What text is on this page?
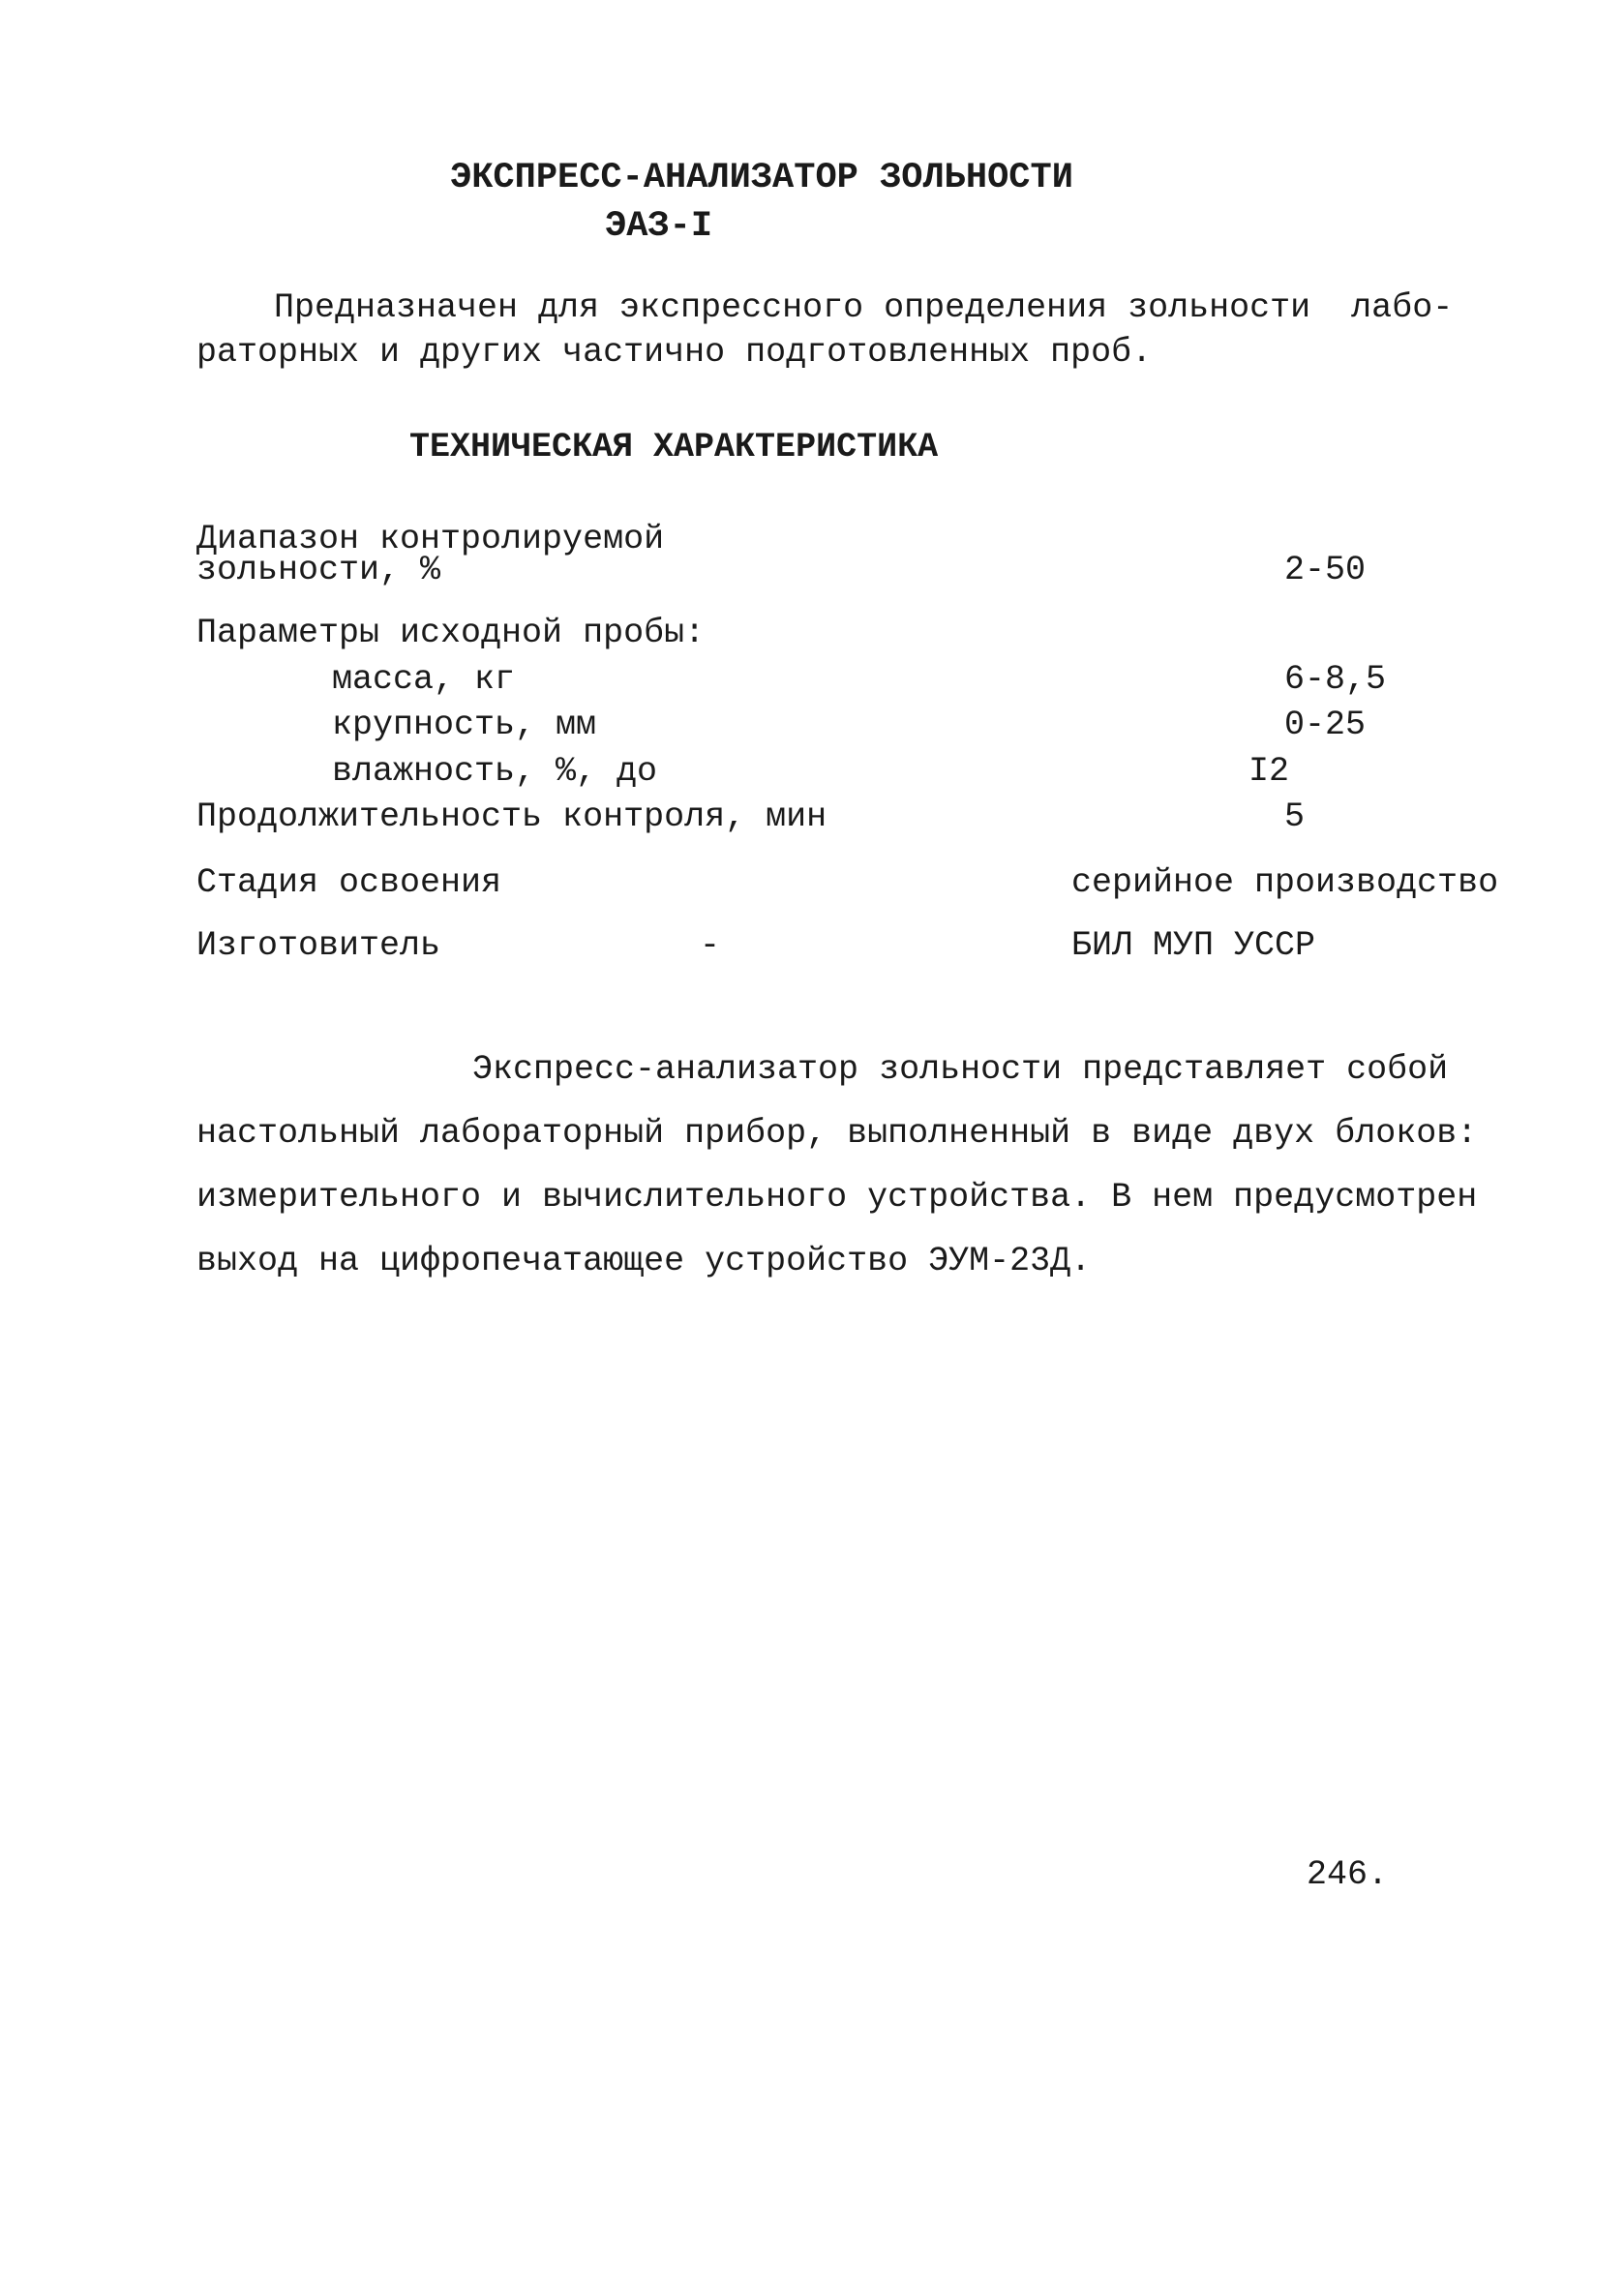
ЭКСПРЕСС-АНАЛИЗАТОР ЗОЛЬНОСТИ
ЭАЗ-I
Предназначен для экспрессного определения зольности  лабо-
раторных и других частично подготовленных проб.
ТЕХНИЧЕСКАЯ ХАРАКТЕРИСТИКА
Диапазон контролируемой
зольности, %	2-50
Параметры исходной пробы:
масса, кг	6-8,5
крупность, мм	0-25
влажность, %, до	I2
Продолжительность контроля, мин	5
Стадия освоения	серийное производство
Изготовитель	-	БИЛ МУП УССР
Экспресс-анализатор зольности представляет собой
настольный лабораторный прибор, выполненный в виде двух блоков:
измерительного и вычислительного устройства. В нем предусмотрен
выход на цифропечатающее устройство ЭУМ-23Д.
246.
